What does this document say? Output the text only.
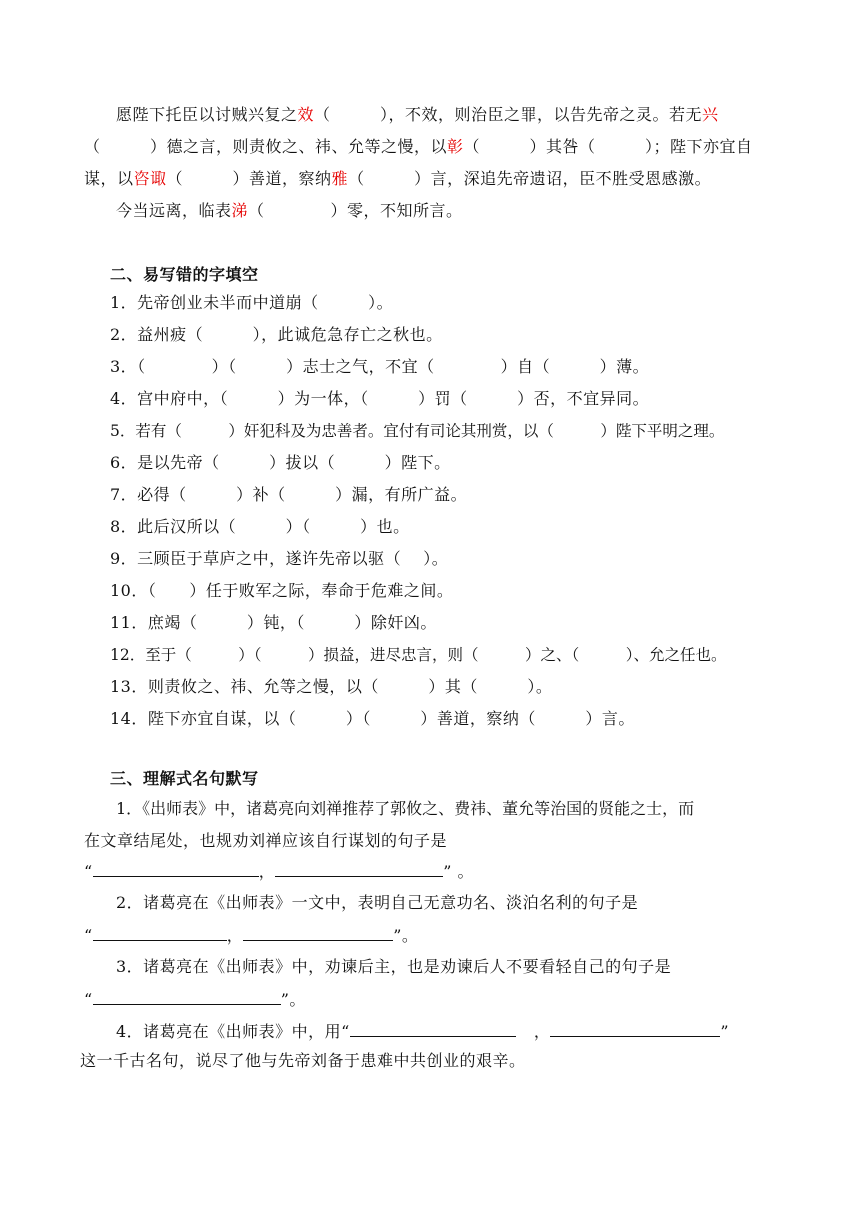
愿陛下托臣以讨贼兴复之效（　　　），不效，则治臣之罪，以告先帝之灵。若无兴
（　　　）德之言，则责攸之、祎、允等之慢，以彰（　　　）其咎（　　　）；陛下亦宜自
谋，以咨诹（　　　）善道，察纳雅（　　　）言，深追先帝遗诏，臣不胜受恩感激。
今当远离，临表涕（　　　　）零，不知所言。
二、易写错的字填空
1．先帝创业未半而中道崩（　　　）。
2．益州疲（　　　），此诚危急存亡之秋也。
3．（　　　　）（　　　）志士之气，不宜（　　　　）自（　　　）薄。
4．宫中府中，（　　　）为一体，（　　　）罚（　　　）否，不宜异同。
5．若有（　　　）奸犯科及为忠善者。宜付有司论其刑赏，以（　　　）陛下平明之理。
6．是以先帝（　　　）拔以（　　　）陛下。
7．必得（　　　）补（　　　）漏，有所广益。
8．此后汉所以（　　　）（　　　）也。
9．三顾臣于草庐之中，遂许先帝以驱（　 ）。
10．（　　）任于败军之际，奉命于危难之间。
11．庶竭（　　　）钝，（　　　）除奸凶。
12．至于（　　　）（　　　）损益，进尽忠言，则（　　　）之、（　　　）、允之任也。
13．则责攸之、祎、允等之慢，以（　　　）其（　　　）。
14．陛下亦宜自谋，以（　　　）（　　　）善道，察纳（　　　）言。
三、理解式名句默写
1．《出师表》中，诸葛亮向刘禅推荐了郭攸之、费祎、董允等治国的贤能之士，而
在文章结尾处，也规劝刘禅应该自行谋划的句子是
“	，	” 。
2．诸葛亮在《出师表》一文中，表明自己无意功名、淡泊名利的句子是
“	，	”。
3．诸葛亮在《出师表》中，劝谏后主，也是劝谏后人不要看轻自己的句子是
“	”。
4．诸葛亮在《出师表》中，用“	，	”
这一千古名句，说尽了他与先帝刘备于患难中共创业的艰辛。
